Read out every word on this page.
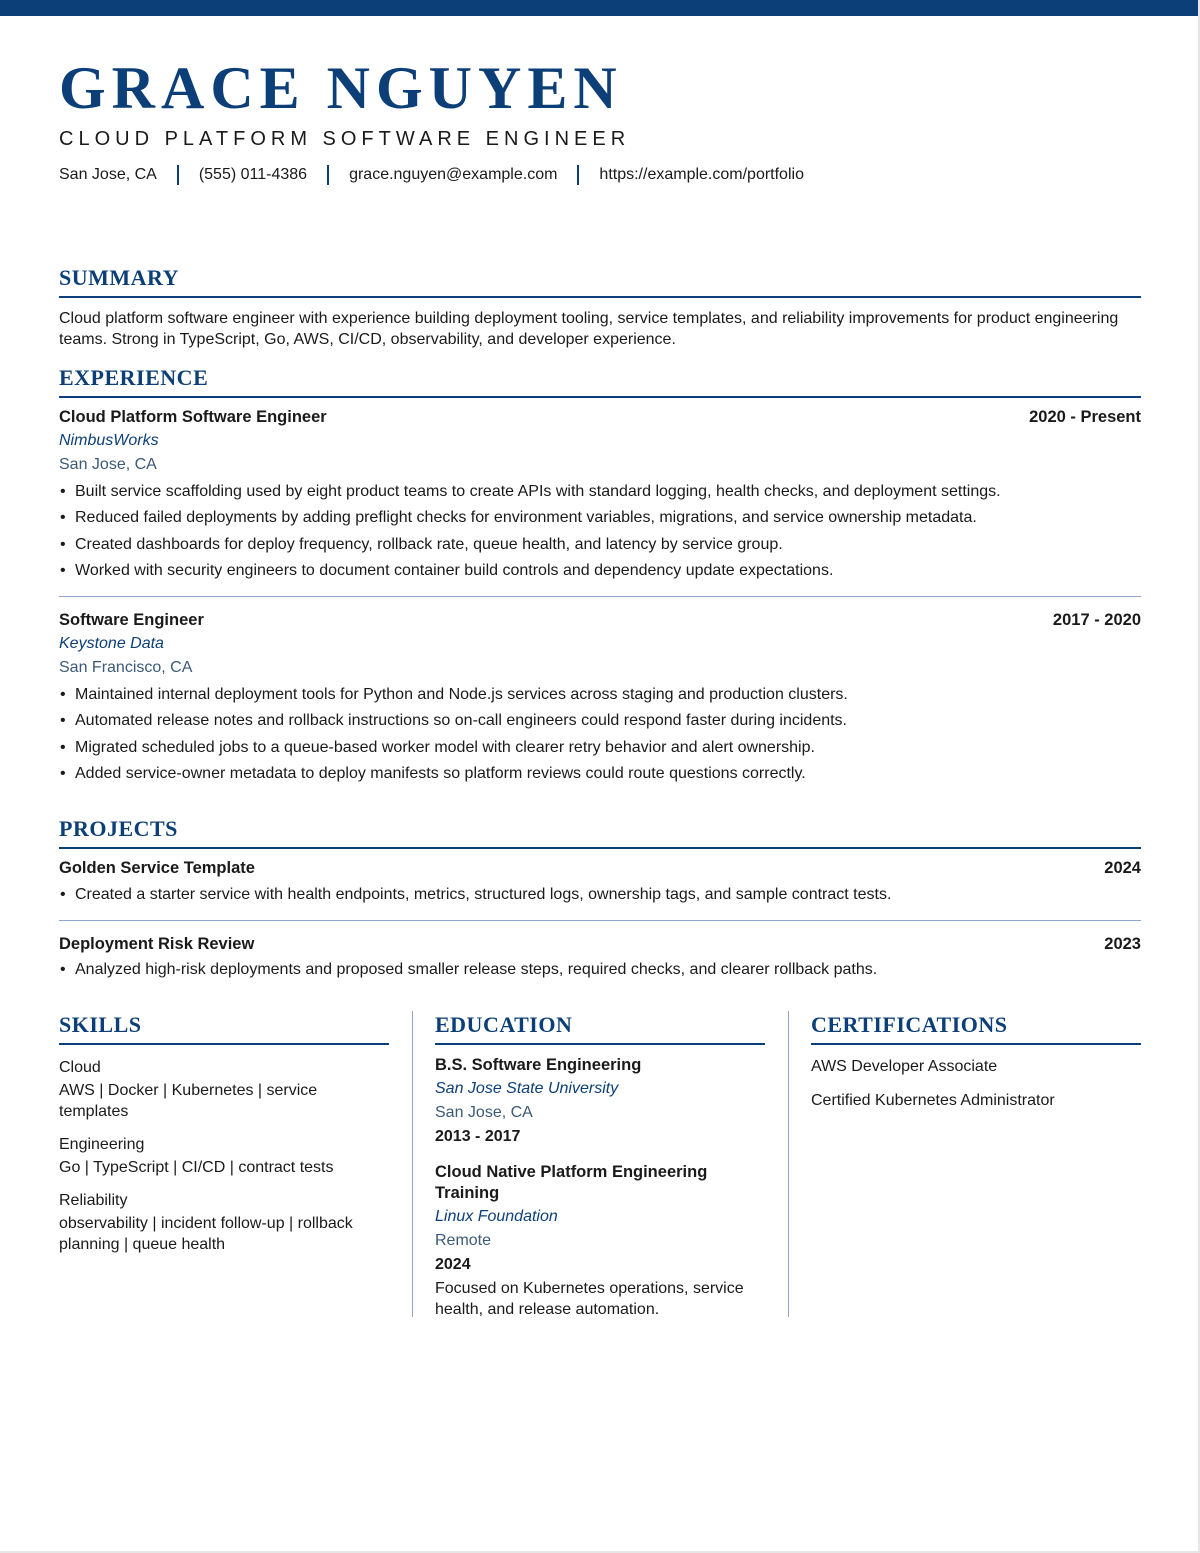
GRACE NGUYEN
CLOUD PLATFORM SOFTWARE ENGINEER
San Jose, CA	(555) 011-4386	grace.nguyen@example.com	https://example.com/portfolio
SUMMARY
Cloud platform software engineer with experience building deployment tooling, service templates, and reliability improvements for product engineering teams. Strong in TypeScript, Go, AWS, CI/CD, observability, and developer experience.
EXPERIENCE
Cloud Platform Software Engineer	2020 - Present
NimbusWorks
San Jose, CA
• Built service scaffolding used by eight product teams to create APIs with standard logging, health checks, and deployment settings.
• Reduced failed deployments by adding preflight checks for environment variables, migrations, and service ownership metadata.
• Created dashboards for deploy frequency, rollback rate, queue health, and latency by service group.
• Worked with security engineers to document container build controls and dependency update expectations.
Software Engineer	2017 - 2020
Keystone Data
San Francisco, CA
• Maintained internal deployment tools for Python and Node.js services across staging and production clusters.
• Automated release notes and rollback instructions so on-call engineers could respond faster during incidents.
• Migrated scheduled jobs to a queue-based worker model with clearer retry behavior and alert ownership.
• Added service-owner metadata to deploy manifests so platform reviews could route questions correctly.
PROJECTS
Golden Service Template	2024
• Created a starter service with health endpoints, metrics, structured logs, ownership tags, and sample contract tests.
Deployment Risk Review	2023
• Analyzed high-risk deployments and proposed smaller release steps, required checks, and clearer rollback paths.
SKILLS
Cloud
AWS | Docker | Kubernetes | service templates
Engineering
Go | TypeScript | CI/CD | contract tests
Reliability
observability | incident follow-up | rollback planning | queue health
EDUCATION
B.S. Software Engineering
San Jose State University
San Jose, CA
2013 - 2017
Cloud Native Platform Engineering Training
Linux Foundation
Remote
2024
Focused on Kubernetes operations, service health, and release automation.
CERTIFICATIONS
AWS Developer Associate
Certified Kubernetes Administrator
